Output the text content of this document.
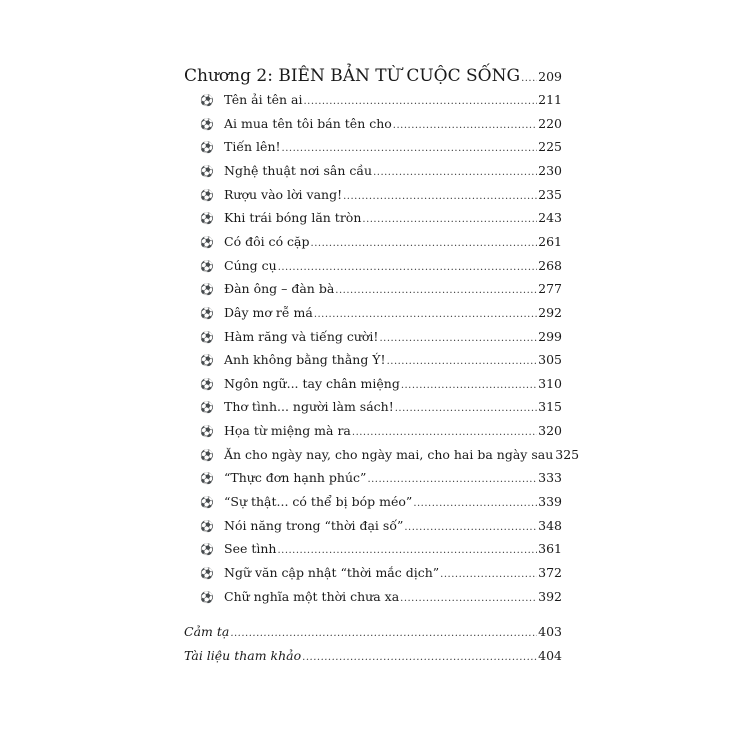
Chương 2: BIÊN BẢN TỪ CUỘC SỐNG ..... 209
⚽ Tên ải tên ai .....	211
⚽ Ai mua tên tôi bán tên cho .....	220
⚽ Tiến lên! .....	225
⚽ Nghệ thuật nơi sân cầu .....	230
⚽ Rượu vào lời vang! .....	235
⚽ Khi trái bóng lăn tròn .....	243
⚽ Có đôi có cặp .....	261
⚽ Cúng cụ .....	268
⚽ Đàn ông – đàn bà .....	277
⚽ Dây mơ rễ má .....	292
⚽ Hàm răng và tiếng cười! .....	299
⚽ Anh không bằng thằng Ý! .....	305
⚽ Ngôn ngữ... tay chân miệng .....	310
⚽ Thơ tình... người làm sách! .....	315
⚽ Họa từ miệng mà ra .....	320
⚽ Ăn cho ngày nay, cho ngày mai, cho hai ba ngày sau 325
⚽ “Thực đơn hạnh phúc” .....	333
⚽ “Sự thật... có thể bị bóp méo” .....	339
⚽ Nói năng trong “thời đại số” .....	348
⚽ See tình .....	361
⚽ Ngữ văn cập nhật “thời mắc dịch” .....	372
⚽ Chữ nghĩa một thời chưa xa .....	392
Cảm tạ .....	403
Tài liệu tham khảo .....	404
